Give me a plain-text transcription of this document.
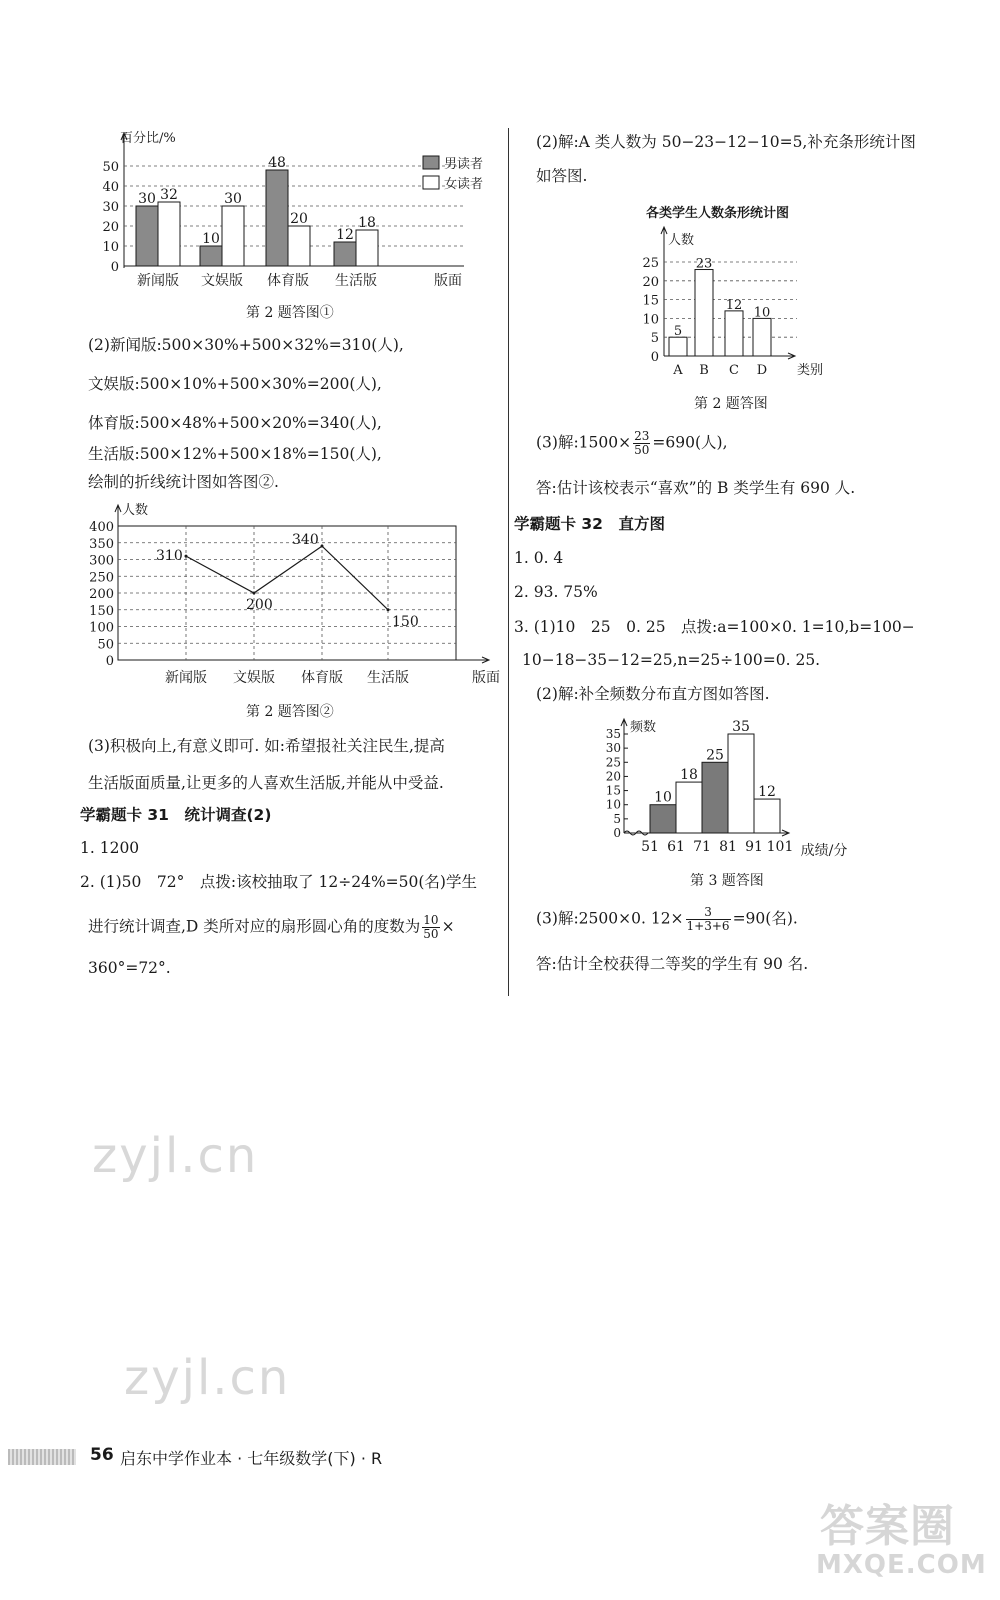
百分比/%
0
10
20
30
40
50
30 32
新闻版
10
30
文娱版
48
20
体育版
12
18
生活版	版面
男读者
女读者
第 2 题答图①
(2)新闻版:500×30%+500×32%=310(人),
文娱版:500×10%+500×30%=200(人),
体育版:500×48%+500×20%=340(人),
生活版:500×12%+500×18%=150(人),
绘制的折线统计图如答图②.
人数
0
50
100
150
200
250
300
350
400
310
新闻版
200
文娱版
340
体育版
150
生活版	版面
第 2 题答图②
(3)积极向上,有意义即可. 如:希望报社关注民生,提高
生活版面质量,让更多的人喜欢生活版,并能从中受益.
学霸题卡 31　统计调查(2)
1. 1200
2. (1)50　72°　点拨:该校抽取了 12÷24%=50(名)学生
进行统计调查,D 类所对应的扇形圆心角的度数为 $\frac{10}{50}$ ×
360°=72°.
(2)解:A 类人数为 50−23−12−10=5,补充条形统计图
如答图.
各类学生人数条形统计图
人数
0
5
10
15
20
25
5
A
23
B
12
C
10
D 类别
第 2 题答图
(3)解:1500× $\frac{23}{50} =690$(人),
答:估计该校表示“喜欢”的 B 类学生有 690 人.
学霸题卡 32　直方图
1. 0. 4
2. 93. 75%
3. (1)10　25　0. 25　点拨:a=100×0. 1=10,b=100−
10−18−35−12=25,n=25÷100=0. 25.
(2)解:补全频数分布直方图如答图.
频数
0
5
10
15
20
25
30
35
10
18
25
35
12
51 61 71 81 91 101 成绩/分
第 3 题答图
(3)解:2500×0. $12\times \frac{3}{1+3+6} =90$(名).
答:估计全校获得二等奖的学生有 90 名.
zyjl.cn
zyjl.cn
56 启东中学作业本 · 七年级数学(下) · R
答案圈
MXQE.COM
